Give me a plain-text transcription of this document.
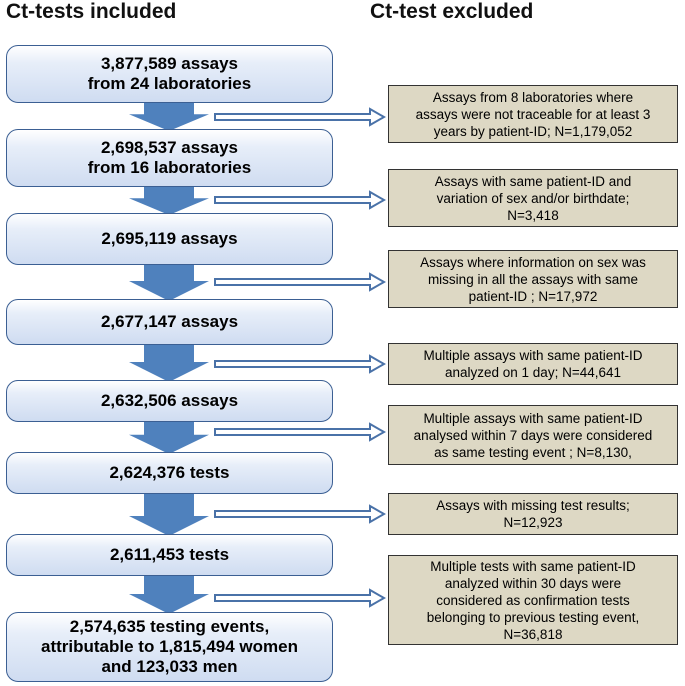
Ct-tests included	Ct-test excluded
3,877,589 assays
from 24 laboratories
2,698,537 assays
from 16 laboratories
2,695,119 assays
2,677,147 assays
2,632,506 assays
2,624,376 tests
2,611,453 tests
2,574,635 testing events,
attributable to 1,815,494 women
and 123,033 men
Assays from 8 laboratories where
assays were not traceable for at least 3
years by patient-ID; N=1,179,052
Assays with same patient-ID and
variation of sex and/or birthdate;
N=3,418
Assays where information on sex was
missing in all the assays with same
patient-ID ; N=17,972
Multiple assays with same patient-ID
analyzed on 1 day; N=44,641
Multiple assays with same patient-ID
analysed within 7 days were considered
as same testing event ; N=8,130,
Assays with missing test results;
N=12,923
Multiple tests with same patient-ID
analyzed within 30 days were
considered as confirmation tests
belonging to previous testing event,
N=36,818
